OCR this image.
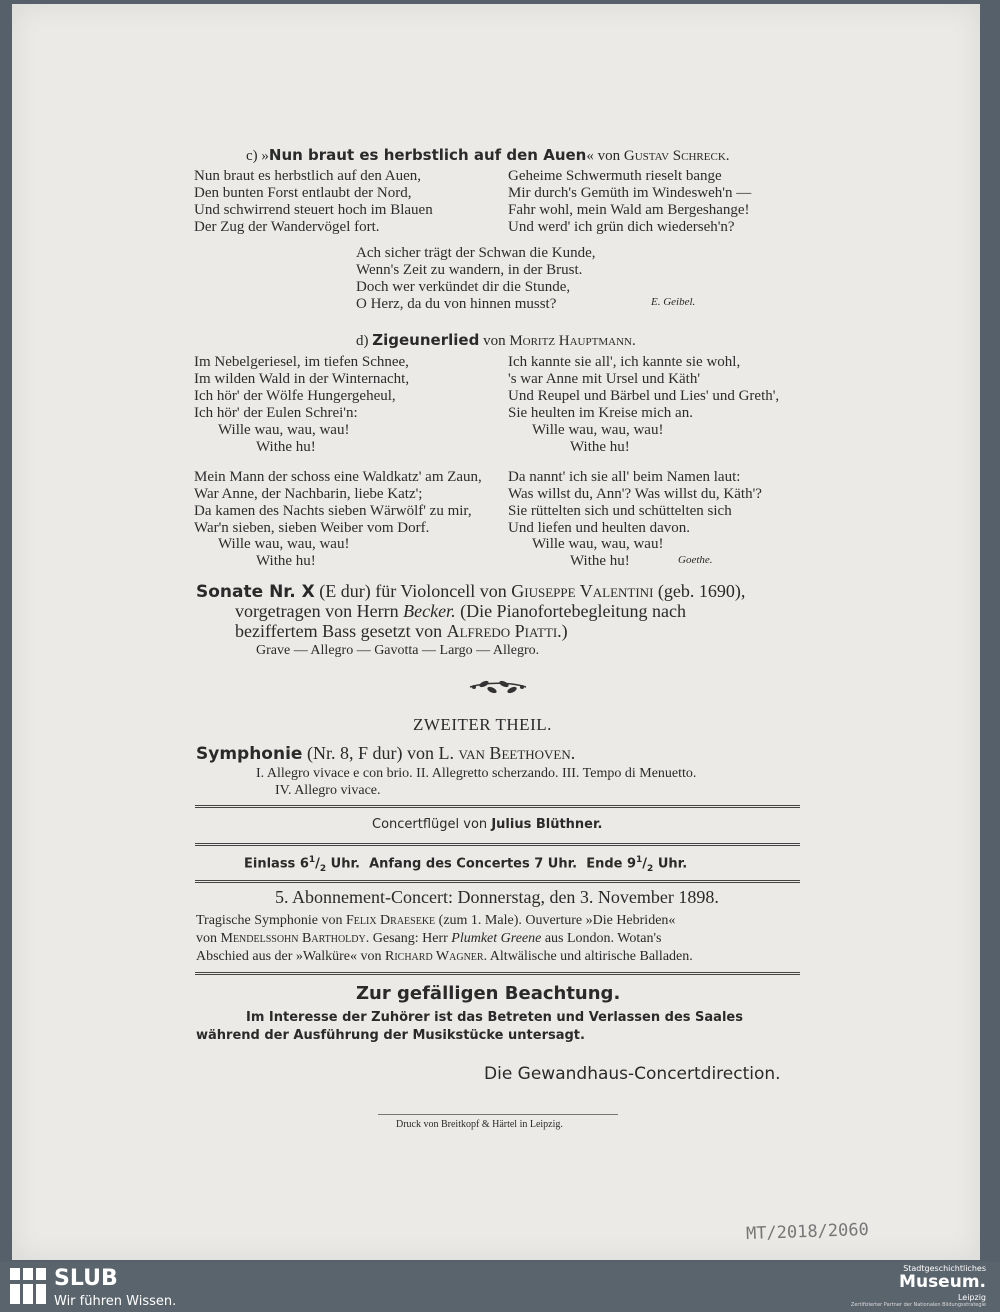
c) »Nun braut es herbstlich auf den Auen« von Gustav Schreck.
Nun braut es herbstlich auf den Auen,
Den bunten Forst entlaubt der Nord,
Und schwirrend steuert hoch im Blauen
Der Zug der Wandervögel fort.
Geheime Schwermuth rieselt bange
Mir durch's Gemüth im Windesweh'n —
Fahr wohl, mein Wald am Bergeshange!
Und werd' ich grün dich wiederseh'n?
Ach sicher trägt der Schwan die Kunde,
Wenn's Zeit zu wandern, in der Brust.
Doch wer verkündet dir die Stunde,
O Herz, da du von hinnen musst?	E. Geibel.
d) Zigeunerlied von Moritz Hauptmann.
Im Nebelgeriesel, im tiefen Schnee,
Im wilden Wald in der Winternacht,
Ich hör' der Wölfe Hungergeheul,
Ich hör' der Eulen Schrei'n:
Wille wau, wau, wau!
Withe hu!
Ich kannte sie all', ich kannte sie wohl,
's war Anne mit Ursel und Käth'
Und Reupel und Bärbel und Lies' und Greth',
Sie heulten im Kreise mich an.
Wille wau, wau, wau!
Withe hu!
Mein Mann der schoss eine Waldkatz' am Zaun,
War Anne, der Nachbarin, liebe Katz';
Da kamen des Nachts sieben Wärwölf' zu mir,
War'n sieben, sieben Weiber vom Dorf.
Wille wau, wau, wau!
Withe hu!
Da nannt' ich sie all' beim Namen laut:
Was willst du, Ann'? Was willst du, Käth'?
Sie rüttelten sich und schüttelten sich
Und liefen und heulten davon.
Wille wau, wau, wau!
Withe hu!	Goethe.
Sonate Nr. X (E dur) für Violoncell von Giuseppe Valentini (geb. 1690),
vorgetragen von Herrn Becker. (Die Pianofortebegleitung nach
beziffertem Bass gesetzt von Alfredo Piatti.)
Grave — Allegro — Gavotta — Largo — Allegro.
ZWEITER THEIL.
Symphonie (Nr. 8, F dur) von L. van Beethoven.
I. Allegro vivace e con brio. II. Allegretto scherzando. III. Tempo di Menuetto.
IV. Allegro vivace.
Concertflügel von Julius Blüthner.
Einlass $6^1/_2$ Uhr. Anfang des Concertes 7 Uhr. Ende $9^1/_2$ Uhr.
5. Abonnement-Concert: Donnerstag, den 3. November 1898.
Tragische Symphonie von Felix Draeseke (zum 1. Male). Ouverture »Die Hebriden«
von Mendelssohn Bartholdy. Gesang: Herr Plumket Greene aus London. Wotan's
Abschied aus der »Walküre« von Richard Wagner. Altwälische und altirische Balladen.
Zur gefälligen Beachtung.
Im Interesse der Zuhörer ist das Betreten und Verlassen des Saales
während der Ausführung der Musikstücke untersagt.
Die Gewandhaus-Concertdirection.
Druck von Breitkopf & Härtel in Leipzig.
MT/2018/2060
SLUB
Wir führen Wissen.
Stadtgeschichtliches
Museum.
Leipzig
Zertifizierter Partner der Nationalen Bildungsstrategie
